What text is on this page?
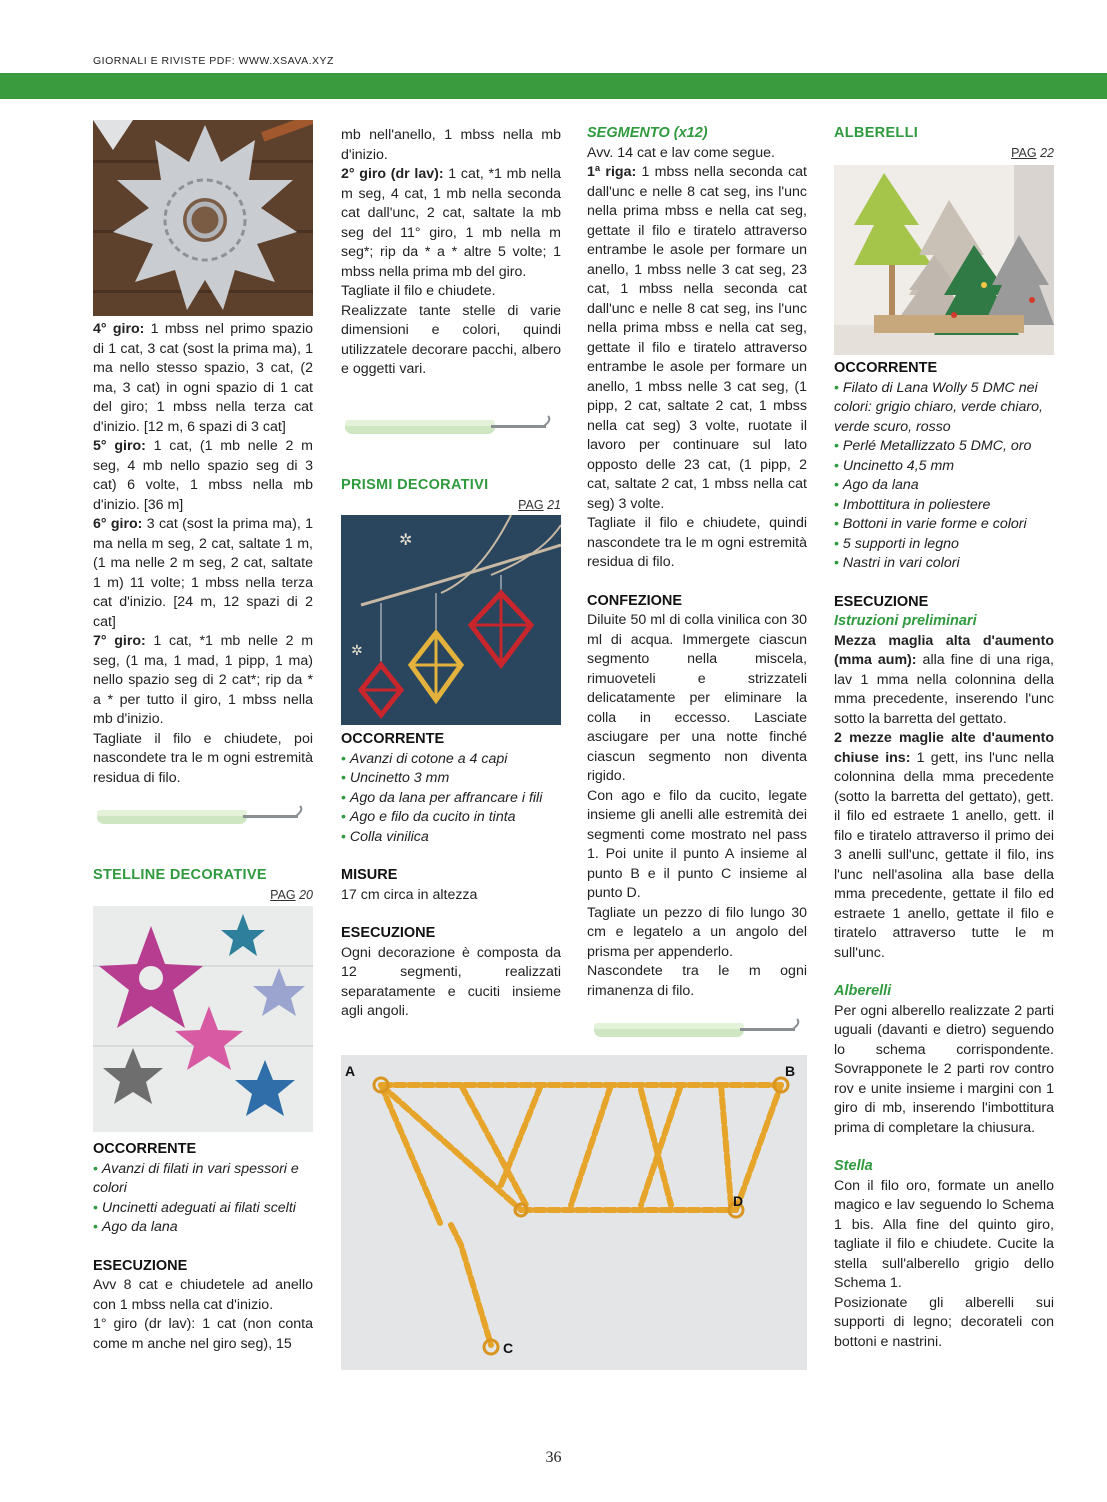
GIORNALI E RIVISTE PDF: WWW.XSAVA.XYZ

4° giro: 1 mbss nel primo spazio di 1 cat, 3 cat (sost la prima ma), 1 ma nello stesso spazio, 3 cat, (2 ma, 3 cat) in ogni spazio di 1 cat del giro; 1 mbss nella terza cat d'inizio. [12 m, 6 spazi di 3 cat]

5° giro: 1 cat, (1 mb nelle 2 m seg, 4 mb nello spazio seg di 3 cat) 6 volte, 1 mbss nella mb d'inizio. [36 m]

6° giro: 3 cat (sost la prima ma), 1 ma nella m seg, 2 cat, saltate 1 m, (1 ma nelle 2 m seg, 2 cat, saltate 1 m) 11 volte; 1 mbss nella terza cat d'inizio. [24 m, 12 spazi di 2 cat]

7° giro: 1 cat, *1 mb nelle 2 m seg, (1 ma, 1 mad, 1 pipp, 1 ma) nello spazio seg di 2 cat*; rip da * a * per tutto il giro, 1 mbss nella mb d'inizio.

Tagliate il filo e chiudete, poi nascondete tra le m ogni estremità residua di filo.

STELLINE DECORATIVE

PAG 20

OCCORRENTE

• Avanzi di filati in vari spessori e colori

• Uncinetti adeguati ai filati scelti

• Ago da lana

ESECUZIONE

Avv 8 cat e chiudetele ad anello con 1 mbss nella cat d'inizio.

1° giro (dr lav): 1 cat (non conta come m anche nel giro seg), 15

mb nell'anello, 1 mbss nella mb d'inizio.

2° giro (dr lav): 1 cat, *1 mb nella m seg, 4 cat, 1 mb nella seconda cat dall'unc, 2 cat, saltate la mb seg del 11° giro, 1 mb nella m seg*; rip da * a * altre 5 volte; 1 mbss nella prima mb del giro.

Tagliate il filo e chiudete.

Realizzate tante stelle di varie dimensioni e colori, quindi utilizzatele decorare pacchi, albero e oggetti vari.

PRISMI DECORATIVI

PAG 21

✲
✲

OCCORRENTE

• Avanzi di cotone a 4 capi

• Uncinetto 3 mm

• Ago da lana per affrancare i fili

• Ago e filo da cucito in tinta

• Colla vinilica

MISURE

17 cm circa in altezza

ESECUZIONE

Ogni decorazione è composta da 12 segmenti, realizzati separatamente e cuciti insieme agli angoli.

SEGMENTO (x12)

Avv. 14 cat e lav come segue.

1ª riga: 1 mbss nella seconda cat dall'unc e nelle 8 cat seg, ins l'unc nella prima mbss e nella cat seg, gettate il filo e tiratelo attraverso entrambe le asole per formare un anello, 1 mbss nelle 3 cat seg, 23 cat, 1 mbss nella seconda cat dall'unc e nelle 8 cat seg, ins l'unc nella prima mbss e nella cat seg, gettate il filo e tiratelo attraverso entrambe le asole per formare un anello, 1 mbss nelle 3 cat seg, (1 pipp, 2 cat, saltate 2 cat, 1 mbss nella cat seg) 3 volte, ruotate il lavoro per continuare sul lato opposto delle 23 cat, (1 pipp, 2 cat, saltate 2 cat, 1 mbss nella cat seg) 3 volte.

Tagliate il filo e chiudete, quindi nascondete tra le m ogni estremità residua di filo.

CONFEZIONE

Diluite 50 ml di colla vinilica con 30 ml di acqua. Immergete ciascun segmento nella miscela, rimuoveteli e strizzateli delicatamente per eliminare la colla in eccesso. Lasciate asciugare per una notte finché ciascun segmento non diventa rigido.

Con ago e filo da cucito, legate insieme gli anelli alle estremità dei segmenti come mostrato nel pass 1. Poi unite il punto A insieme al punto B e il punto C insieme al punto D.

Tagliate un pezzo di filo lungo 30 cm e legatelo a un angolo del prisma per appenderlo.

Nascondete tra le m ogni rimanenza di filo.

A	B
C
D

ALBERELLI

PAG 22

OCCORRENTE

• Filato di Lana Wolly 5 DMC nei colori: grigio chiaro, verde chiaro, verde scuro, rosso

• Perlé Metallizzato 5 DMC, oro

• Uncinetto 4,5 mm

• Ago da lana

• Imbottitura in poliestere

• Bottoni in varie forme e colori

• 5 supporti in legno

• Nastri in vari colori

ESECUZIONE

Istruzioni preliminari

Mezza maglia alta d'aumento (mma aum): alla fine di una riga, lav 1 mma nella colonnina della mma precedente, inserendo l'unc sotto la barretta del gettato.

2 mezze maglie alte d'aumento chiuse ins: 1 gett, ins l'unc nella colonnina della mma precedente (sotto la barretta del gettato), gett. il filo ed estraete 1 anello, gett. il filo e tiratelo attraverso il primo dei 3 anelli sull'unc, gettate il filo, ins l'unc nell'asolina alla base della mma precedente, gettate il filo ed estraete 1 anello, gettate il filo e tiratelo attraverso tutte le m sull'unc.

Alberelli

Per ogni alberello realizzate 2 parti uguali (davanti e dietro) seguendo lo schema corrispondente. Sovrapponete le 2 parti rov contro rov e unite insieme i margini con 1 giro di mb, inserendo l'imbottitura prima di completare la chiusura.

Stella

Con il filo oro, formate un anello magico e lav seguendo lo Schema 1 bis. Alla fine del quinto giro, tagliate il filo e chiudete. Cucite la stella sull'alberello grigio dello Schema 1.

Posizionate gli alberelli sui supporti di legno; decorateli con bottoni e nastrini.

36
